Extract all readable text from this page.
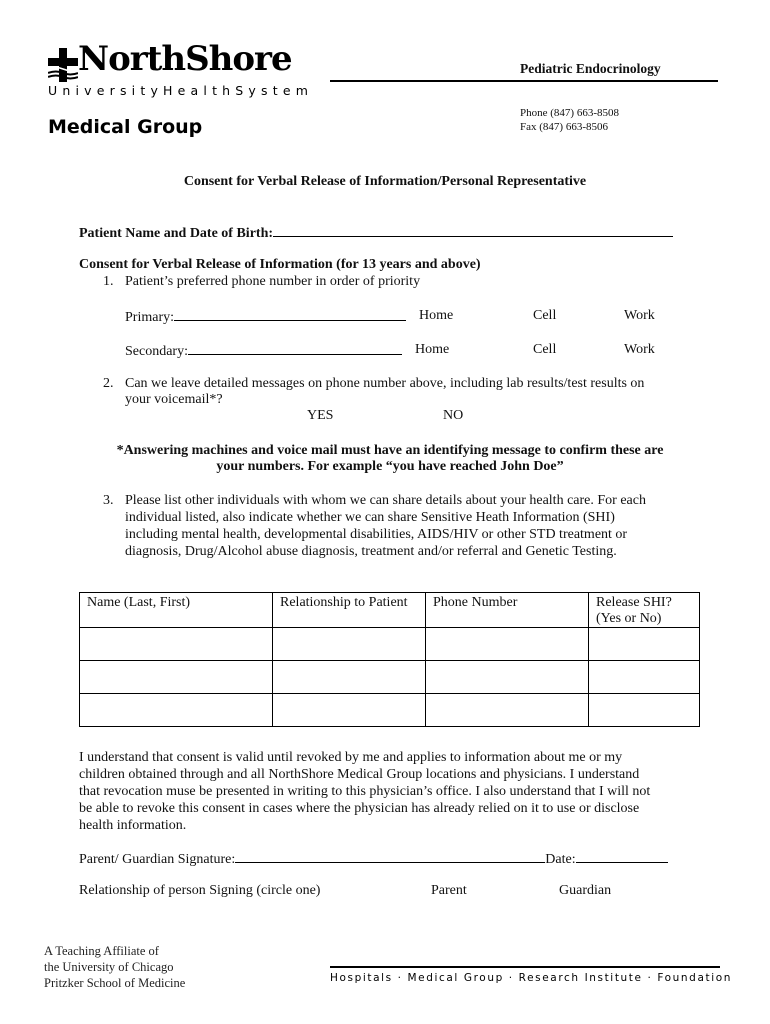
NorthShore
UniversityHealthSystem
Medical Group
Pediatric Endocrinology
Phone (847) 663-8508
Fax (847) 663-8506
Consent for Verbal Release of Information/Personal Representative
Patient Name and Date of Birth:
Consent for Verbal Release of Information (for 13 years and above)
1. Patient’s preferred phone number in order of priority
Primary:	Home	Cell	Work
Secondary:	Home	Cell	Work
2. Can we leave detailed messages on phone number above, including lab results/test results on
your voicemail*?
YES	NO
*Answering machines and voice mail must have an identifying message to confirm these are
your numbers. For example “you have reached John Doe”
3. Please list other individuals with whom we can share details about your health care. For each
individual listed, also indicate whether we can share Sensitive Heath Information (SHI)
including mental health, developmental disabilities, AIDS/HIV or other STD treatment or
diagnosis, Drug/Alcohol abuse diagnosis, treatment and/or referral and Genetic Testing.
Name (Last, First)	Relationship to Patient	Phone Number	Release SHI?
(Yes or No)

I understand that consent is valid until revoked by me and applies to information about me or my
children obtained through and all NorthShore Medical Group locations and physicians. I understand
that revocation muse be presented in writing to this physician’s office. I also understand that I will not
be able to revoke this consent in cases where the physician has already relied on it to use or disclose
health information.
Parent/ Guardian Signature:	Date:
Relationship of person Signing (circle one)	Parent	Guardian
A Teaching Affiliate of
the University of Chicago
Pritzker School of Medicine	Hospitals · Medical Group · Research Institute · Foundation
